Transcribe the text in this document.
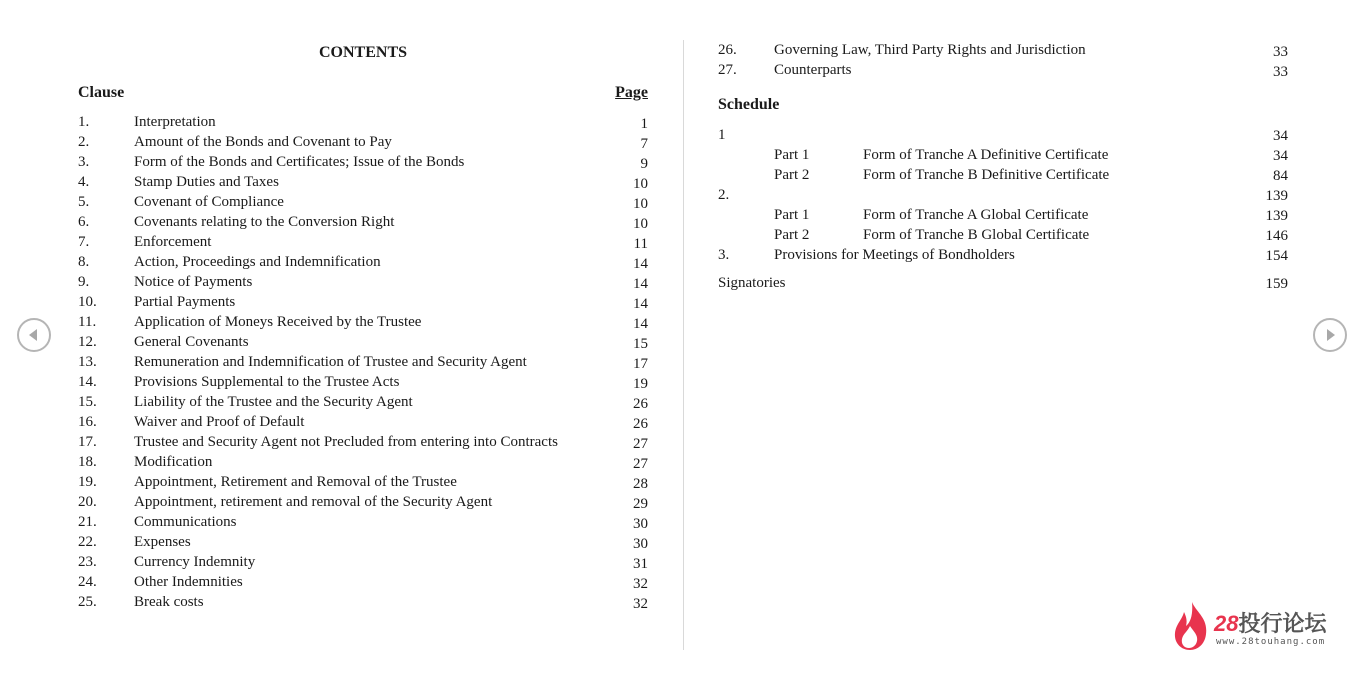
CONTENTS
Clause	Page
1.	Interpretation	1
2.	Amount of the Bonds and Covenant to Pay	7
3.	Form of the Bonds and Certificates; Issue of the Bonds	9
4.	Stamp Duties and Taxes	10
5.	Covenant of Compliance	10
6.	Covenants relating to the Conversion Right	10
7.	Enforcement	11
8.	Action, Proceedings and Indemnification	14
9.	Notice of Payments	14
10. Partial Payments	14
11.	Application of Moneys Received by the Trustee	14
12. General Covenants	15
13. Remuneration and Indemnification of Trustee and Security Agent	17
14. Provisions Supplemental to the Trustee Acts	19
15. Liability of the Trustee and the Security Agent	26
16. Waiver and Proof of Default	26
17. Trustee and Security Agent not Precluded from entering into Contracts	27
18. Modification	27
19. Appointment, Retirement and Removal of the Trustee	28
20. Appointment, retirement and removal of the Security Agent	29
21. Communications	30
22. Expenses	30
23. Currency Indemnity	31
24. Other Indemnities	32
25. Break costs	32
26. Governing Law, Third Party Rights and Jurisdiction	33
27. Counterparts	33
Schedule
1	34
Part 1	Form of Tranche A Definitive Certificate	34
Part 2	Form of Tranche B Definitive Certificate	84
2.	139
Part 1	Form of Tranche A Global Certificate	139
Part 2	Form of Tranche B Global Certificate	146
3.	Provisions for Meetings of Bondholders	154
Signatories	159
28投行论坛
www.28touhang.com
